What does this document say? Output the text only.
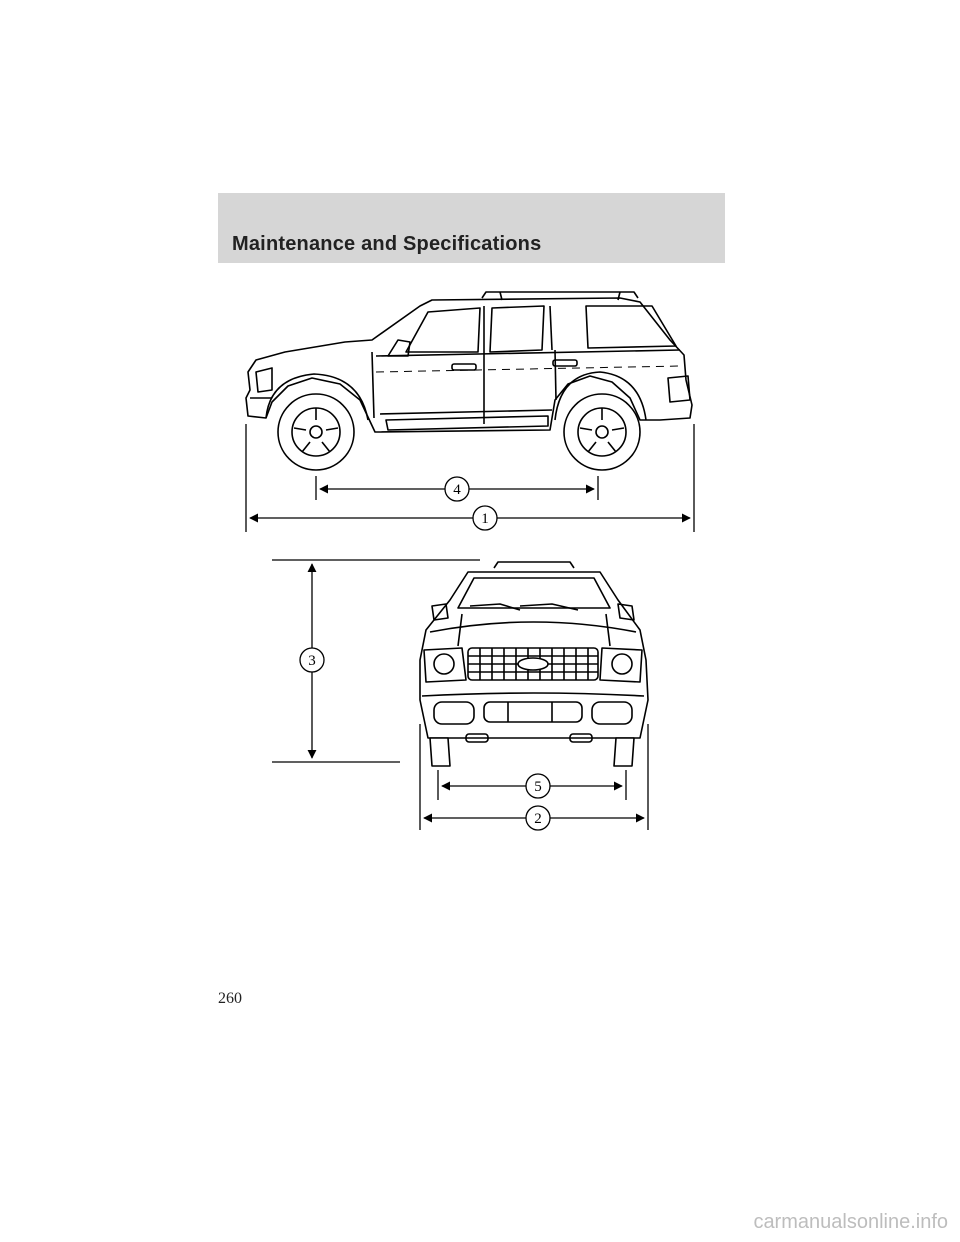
Maintenance and Specifications
4
1
3
5
2
260
carmanualsonline.info
